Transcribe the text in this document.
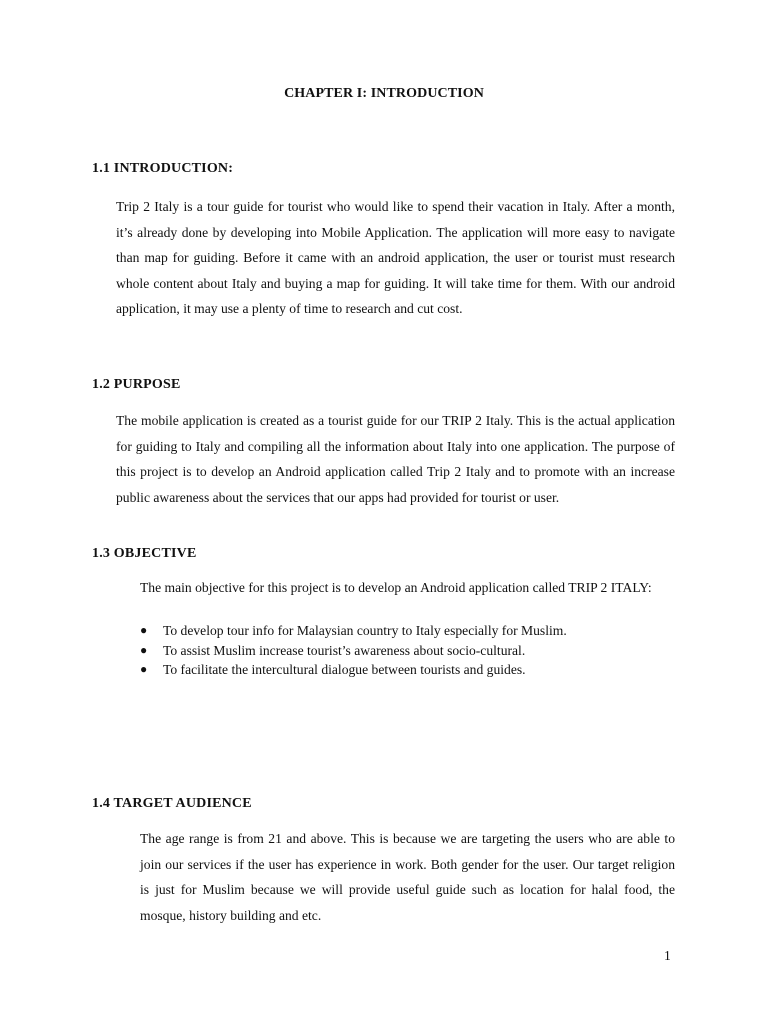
CHAPTER I: INTRODUCTION
1.1 INTRODUCTION:

Trip 2 Italy is a tour guide for tourist who would like to spend their vacation in Italy. After a month, it’s already done by developing into Mobile Application. The application will more easy to navigate than map for guiding. Before it came with an android application, the user or tourist must research whole content about Italy and buying a map for guiding. It will take time for them. With our android application, it may use a plenty of time to research and cut cost.

1.2 PURPOSE

The mobile application is created as a tourist guide for our TRIP 2 Italy. This is the actual application for guiding to Italy and compiling all the information about Italy into one application. The purpose of this project is to develop an Android application called Trip 2 Italy and to promote with an increase public awareness about the services that our apps had provided for tourist or user.

1.3 OBJECTIVE

The main objective for this project is to develop an Android application called TRIP 2 ITALY:

●	To develop tour info for Malaysian country to Italy especially for Muslim.
●	To assist Muslim increase tourist’s awareness about socio-cultural.
●	To facilitate the intercultural dialogue between tourists and guides.
1.4 TARGET AUDIENCE

The age range is from 21 and above. This is because we are targeting the users who are able to join our services if the user has experience in work. Both gender for the user. Our target religion is just for Muslim because we will provide useful guide such as location for halal food, the mosque, history building and etc.

1
